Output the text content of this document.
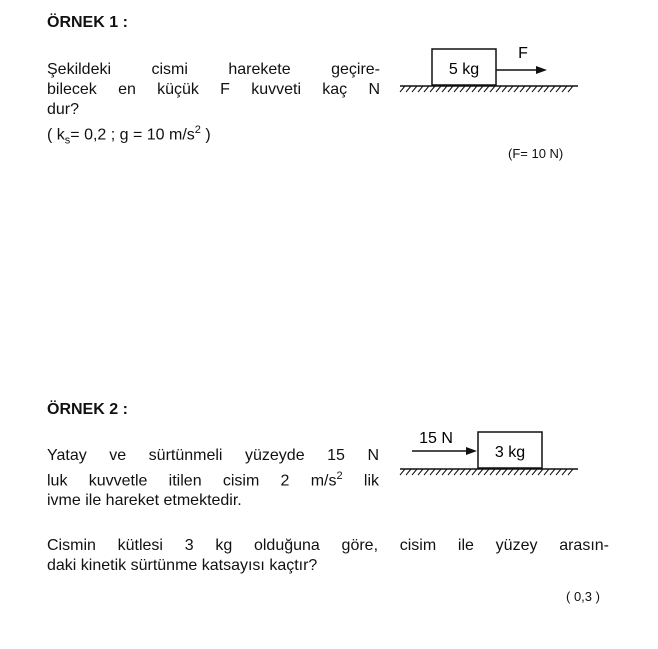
ÖRNEK 1 :
Şekildeki cismi harekete geçire-
bilecek en küçük F kuvveti kaç N
dur?
( $k_s= 0,2$ ; g = 10 $m/s^2$ )
5 kg
F
(F= 10 N)
ÖRNEK 2 :
Yatay ve sürtünmeli yüzeyde 15 N
luk kuvvetle itilen cisim 2 $m/s^2$ lik
ivme ile hareket etmektedir.
15 N
3 kg
Cismin kütlesi 3 kg olduğuna göre, cisim ile yüzey arasın-
daki kinetik sürtünme katsayısı kaçtır?
( 0,3 )
